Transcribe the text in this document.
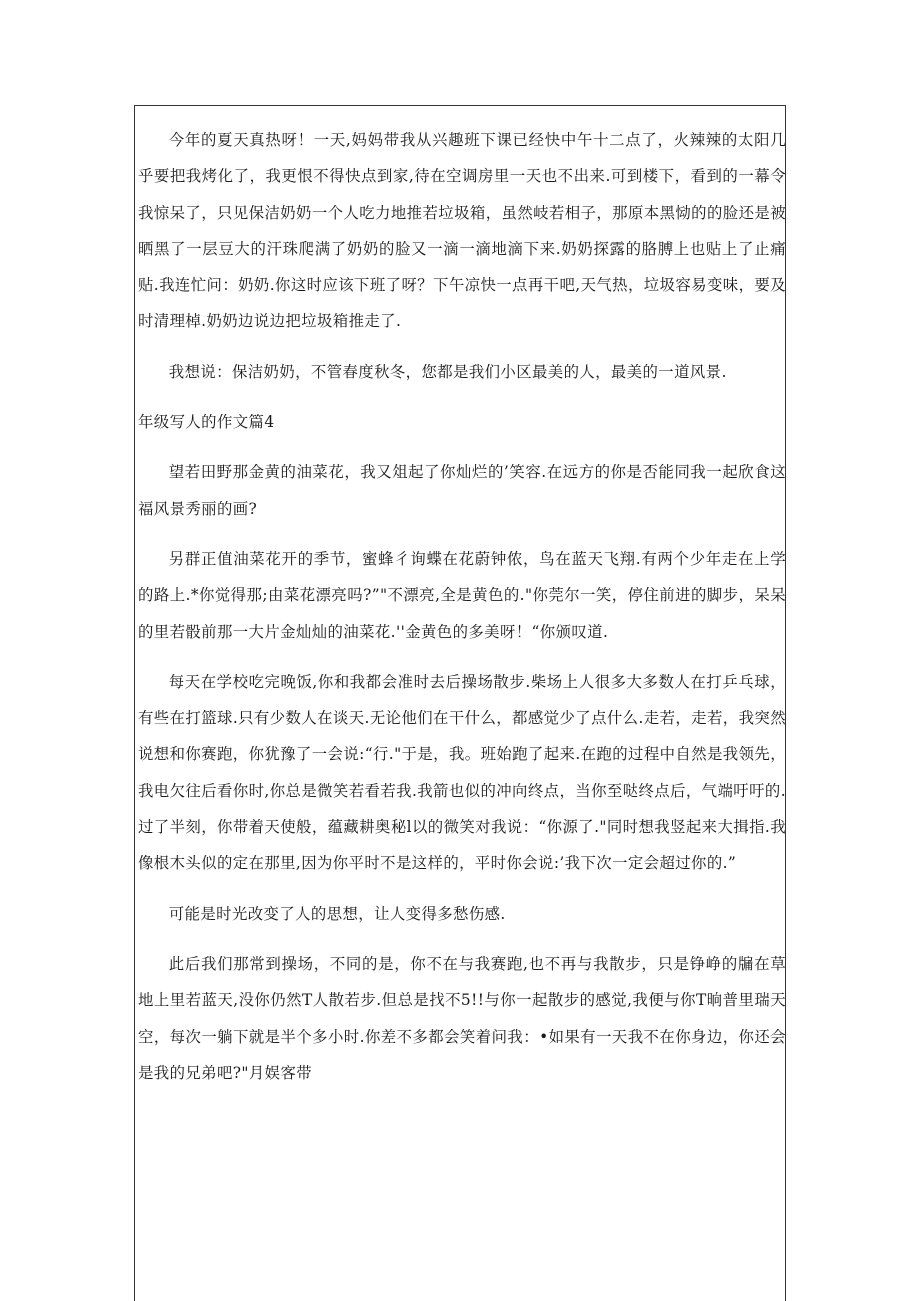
今年的夏天真热呀！一天,妈妈带我从兴趣班下课已经快中午十二点了，火辣辣的太阳几乎要把我烤化了，我更恨不得快点到家,待在空调房里一天也不出来.可到楼下，看到的一幕令我惊呆了，只见保洁奶奶一个人吃力地推若垃圾箱，虽然岐若相子，那原本黑恸的的脸还是被晒黑了一层豆大的汗珠爬满了奶奶的脸又一滴一滴地滴下来.奶奶探露的胳膊上也贴上了止痛贴.我连忙问：奶奶.你这时应该下班了呀？下午凉快一点再干吧,天气热，垃圾容易变味，要及时清理棹.奶奶边说边把垃圾箱推走了.

我想说：保洁奶奶，不管春度秋冬，您都是我们小区最美的人，最美的一道风景.

年级写人的作文篇4

望若田野那金黄的油菜花，我又俎起了你灿烂的’笑容.在远方的你是否能同我一起欣食这福风景秀丽的画?

另群正值油菜花开的季节，蜜蜂彳询蝶在花蔚钟侬，鸟在蓝天飞翔.有两个少年走在上学的路上.*你觉得那;由菜花漂亮吗?”"不漂亮,全是黄色的."你莞尔一笑，停住前进的脚步，呆呆的里若骰前那一大片金灿灿的油菜花.''金黄色的多美呀！“你颁叹道.

每天在学校吃完晚饭,你和我都会准时去后操场散步.柴场上人很多大多数人在打乒乓球，有些在打篮球.只有少数人在谈天.无论他们在干什么，都感觉少了点什么.走若，走若，我突然说想和你赛跑，你犹豫了一会说:“行."于是，我。班始跑了起来.在跑的过程中自然是我领先，我电欠往后看你时,你总是微笑若看若我.我箭也似的冲向终点，当你至哒终点后，气端吁吁的.过了半刻，你带着天使般，蕴藏耕奥秘l以的微笑对我说：“你源了."同时想我竖起来大揖指.我像根木头似的定在那里,因为你平时不是这样的，平时你会说:’我下次一定会超过你的.”

可能是时光改变了人的思想，让人变得多愁伤感.

此后我们那常到操场，不同的是，你不在与我赛跑,也不再与我散步，只是铮峥的牖在草地上里若蓝天,没你仍然T人散若步.但总是找不5!!与你一起散步的感觉,我便与你T晌普里瑞天空，每次一躺下就是半个多小时.你差不多都会笑着问我：•如果有一天我不在你身边，你还会是我的兄弟吧?"月娱客带
